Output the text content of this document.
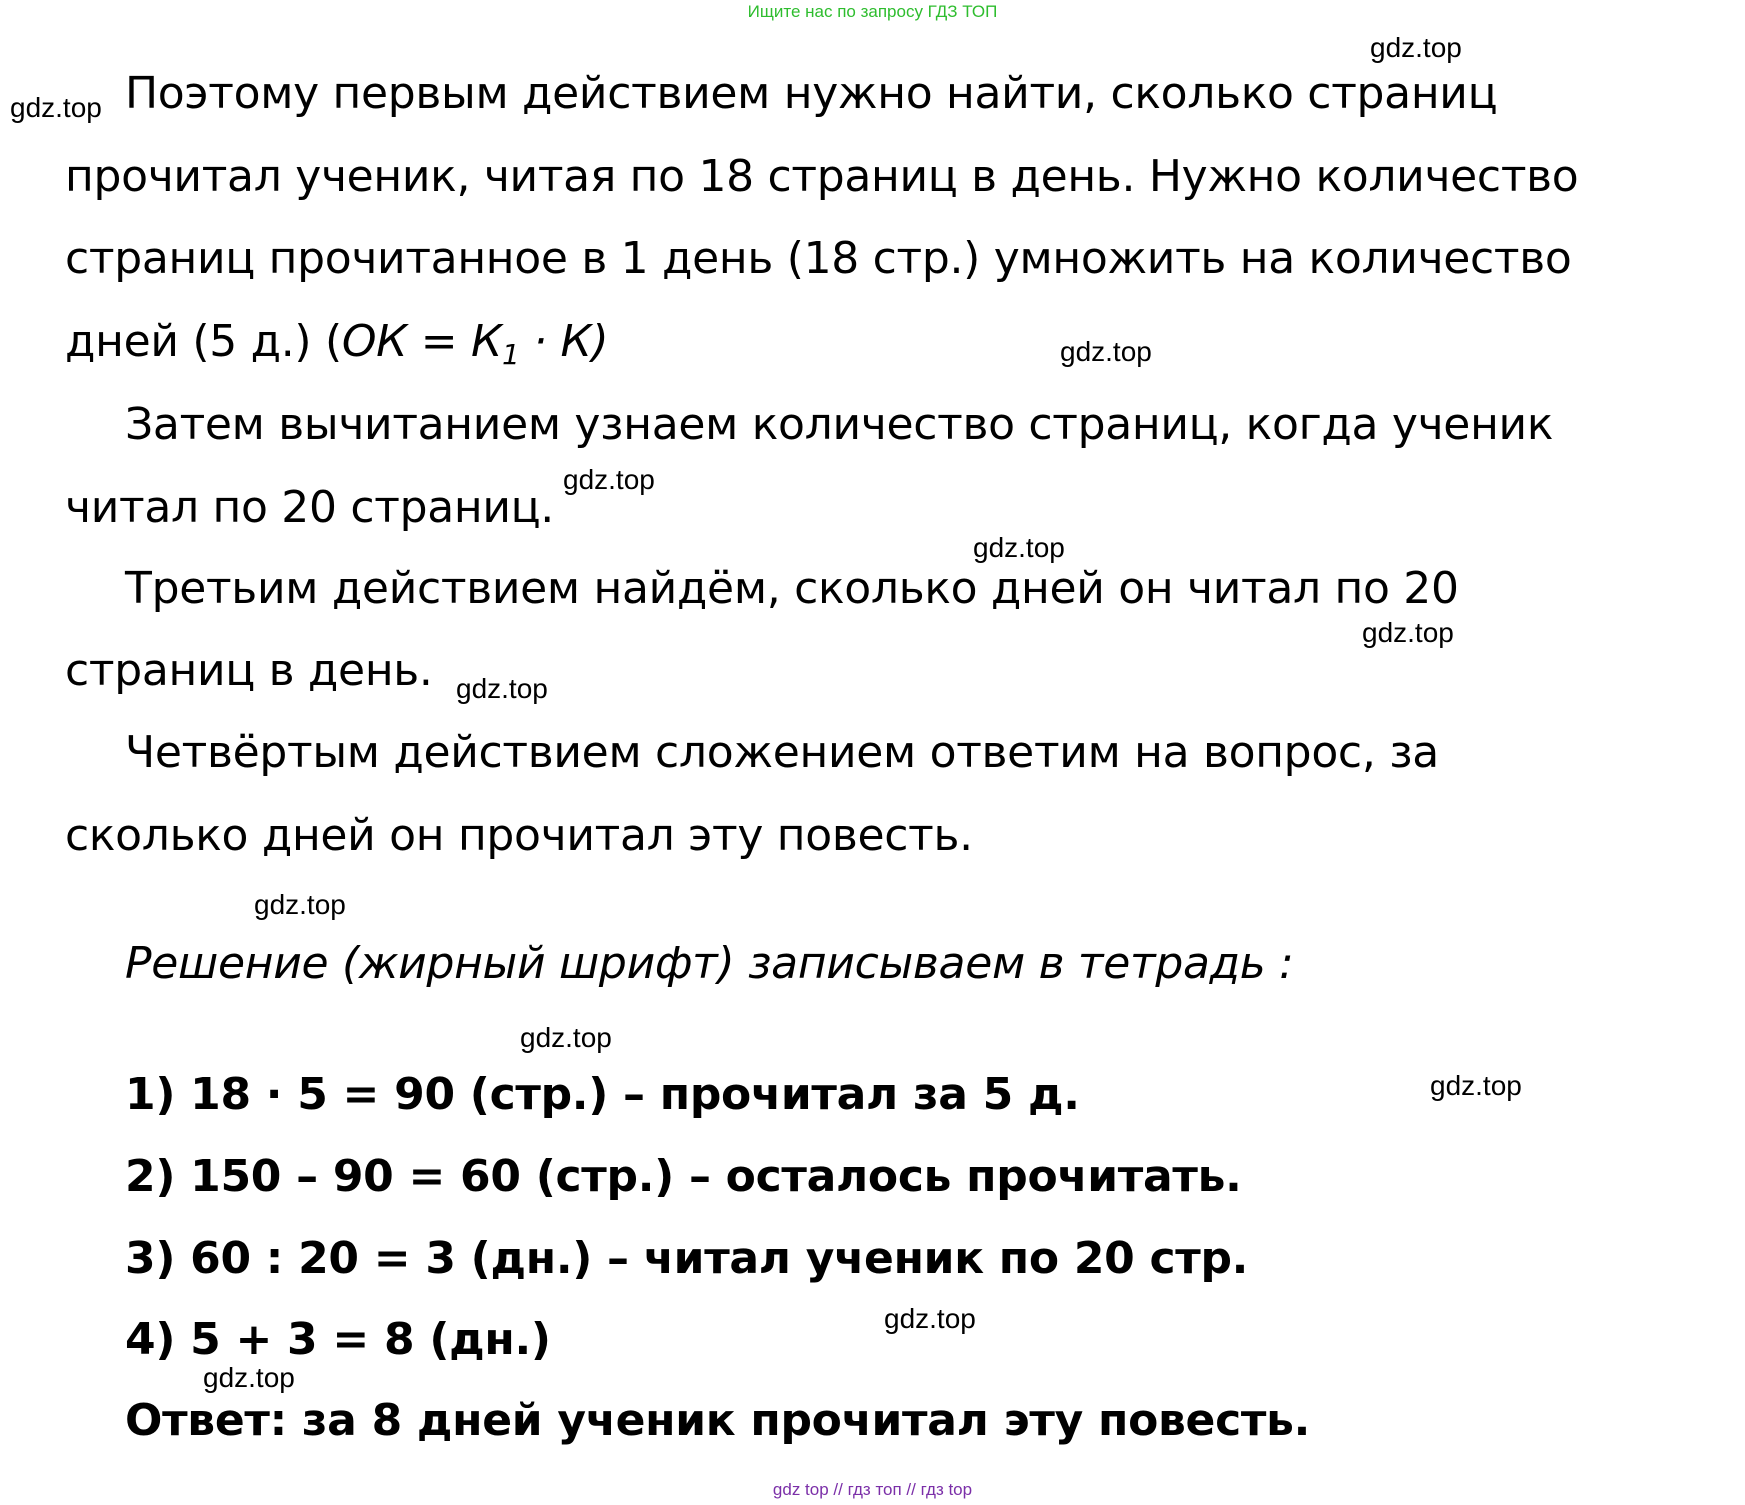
Ищите нас по запросу ГДЗ ТОП
Поэтому первым действием нужно найти, сколько страниц
прочитал ученик, читая по 18 страниц в день. Нужно количество
страниц прочитанное в 1 день (18 стр.) умножить на количество
дней (5 д.) $(ОК = К_1 \cdot К)$
Затем вычитанием узнаем количество страниц, когда ученик
читал по 20 страниц.
Третьим действием найдём, сколько дней он читал по 20
страниц в день.
Четвёртым действием сложением ответим на вопрос, за
сколько дней он прочитал эту повесть.
Решение (жирный шрифт) записываем в тетрадь :
1) 18 · 5 = 90 (стр.) – прочитал за 5 д.
2) 150 – 90 = 60 (стр.) – осталось прочитать.
3) 60 : 20 = 3 (дн.) – читал ученик по 20 стр.
4) 5 + 3 = 8 (дн.)
Ответ: за 8 дней ученик прочитал эту повесть.
gdz.top
gdz.top
gdz.top
gdz.top
gdz.top
gdz.top
gdz.top
gdz.top
gdz.top
gdz.top
gdz.top
gdz.top
gdz top // гдз топ // гдз top
